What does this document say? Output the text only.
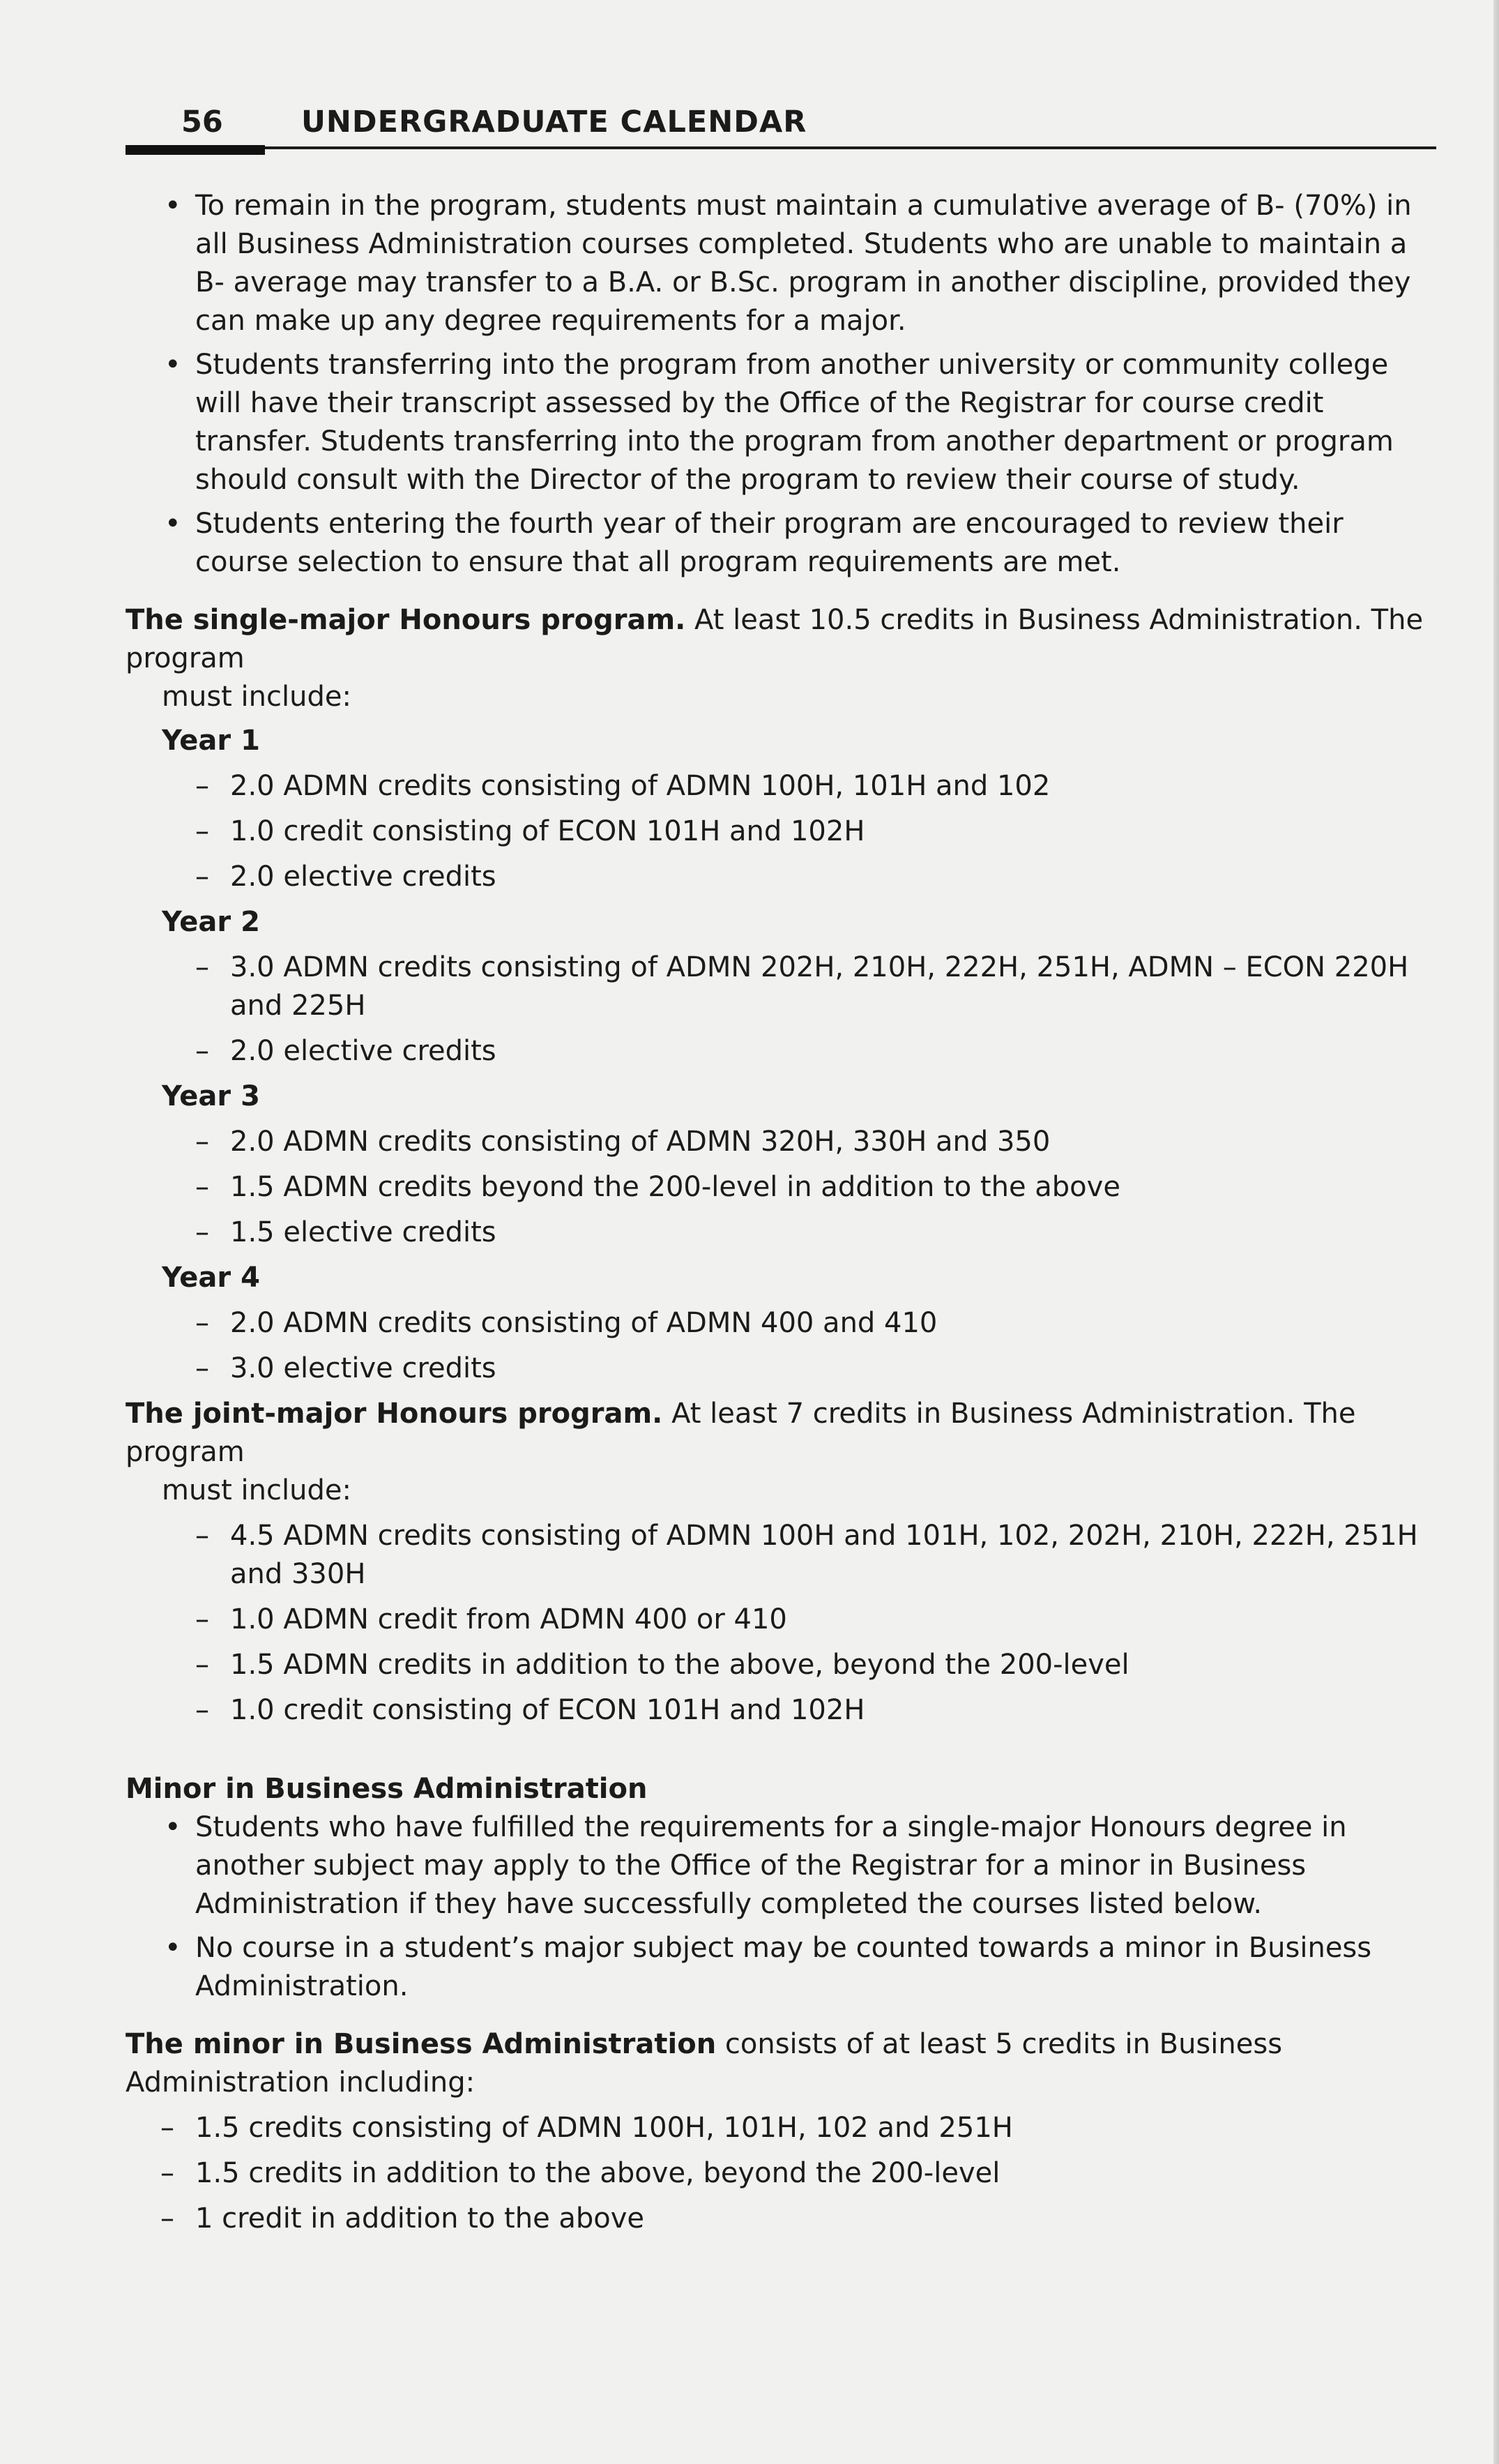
56	UNDERGRADUATE CALENDAR
• To remain in the program, students must maintain a cumulative average of B- (70%) in all Business Administration courses completed. Students who are unable to maintain a B- average may transfer to a B.A. or B.Sc. program in another discipline, provided they can make up any degree requirements for a major.
• Students transferring into the program from another university or community college will have their transcript assessed by the Office of the Registrar for course credit transfer. Students transferring into the program from another department or program should consult with the Director of the program to review their course of study.
• Students entering the fourth year of their program are encouraged to review their course selection to ensure that all program requirements are met.

The single-major Honours program. At least 10.5 credits in Business Administration. The program
must include:

Year 1
– 2.0 ADMN credits consisting of ADMN 100H, 101H and 102
– 1.0 credit consisting of ECON 101H and 102H
– 2.0 elective credits
Year 2
– 3.0 ADMN credits consisting of ADMN 202H, 210H, 222H, 251H, ADMN – ECON 220H and 225H
– 2.0 elective credits
Year 3
– 2.0 ADMN credits consisting of ADMN 320H, 330H and 350
– 1.5 ADMN credits beyond the 200-level in addition to the above
– 1.5 elective credits
Year 4
– 2.0 ADMN credits consisting of ADMN 400 and 410
– 3.0 elective credits

The joint-major Honours program. At least 7 credits in Business Administration. The program
must include:

– 4.5 ADMN credits consisting of ADMN 100H and 101H, 102, 202H, 210H, 222H, 251H and 330H
– 1.0 ADMN credit from ADMN 400 or 410
– 1.5 ADMN credits in addition to the above, beyond the 200-level
– 1.0 credit consisting of ECON 101H and 102H
Minor in Business Administration
• Students who have fulfilled the requirements for a single-major Honours degree in another subject may apply to the Office of the Registrar for a minor in Business Administration if they have successfully completed the courses listed below.
• No course in a student’s major subject may be counted towards a minor in Business Administration.

The minor in Business Administration consists of at least 5 credits in Business Administration including:

– 1.5 credits consisting of ADMN 100H, 101H, 102 and 251H
– 1.5 credits in addition to the above, beyond the 200-level
– 1 credit in addition to the above
